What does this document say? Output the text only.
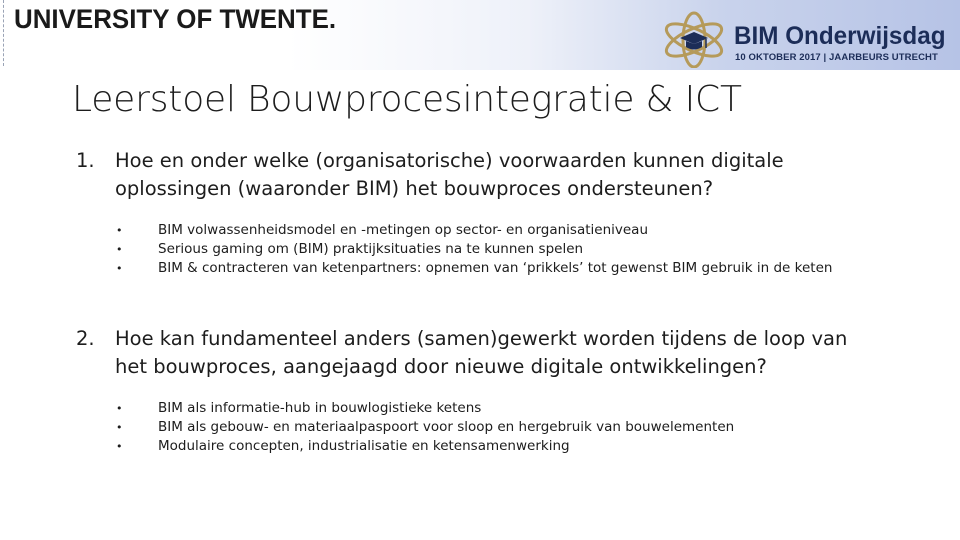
UNIVERSITY OF TWENTE.
BIM Onderwijsdag
10 OKTOBER 2017 | JAARBEURS UTRECHT
Leerstoel Bouwprocesintegratie & ICT
1. Hoe en onder welke (organisatorische) voorwaarden kunnen digitale
oplossingen (waaronder BIM) het bouwproces ondersteunen?
•	BIM volwassenheidsmodel en -metingen op sector- en organisatieniveau
•	Serious gaming om (BIM) praktijksituaties na te kunnen spelen
•	BIM & contracteren van ketenpartners: opnemen van ‘prikkels’ tot gewenst BIM gebruik in de keten
2. Hoe kan fundamenteel anders (samen)gewerkt worden tijdens de loop van
het bouwproces, aangejaagd door nieuwe digitale ontwikkelingen?
•	BIM als informatie-hub in bouwlogistieke ketens
•	BIM als gebouw- en materiaalpaspoort voor sloop en hergebruik van bouwelementen
•	Modulaire concepten, industrialisatie en ketensamenwerking
